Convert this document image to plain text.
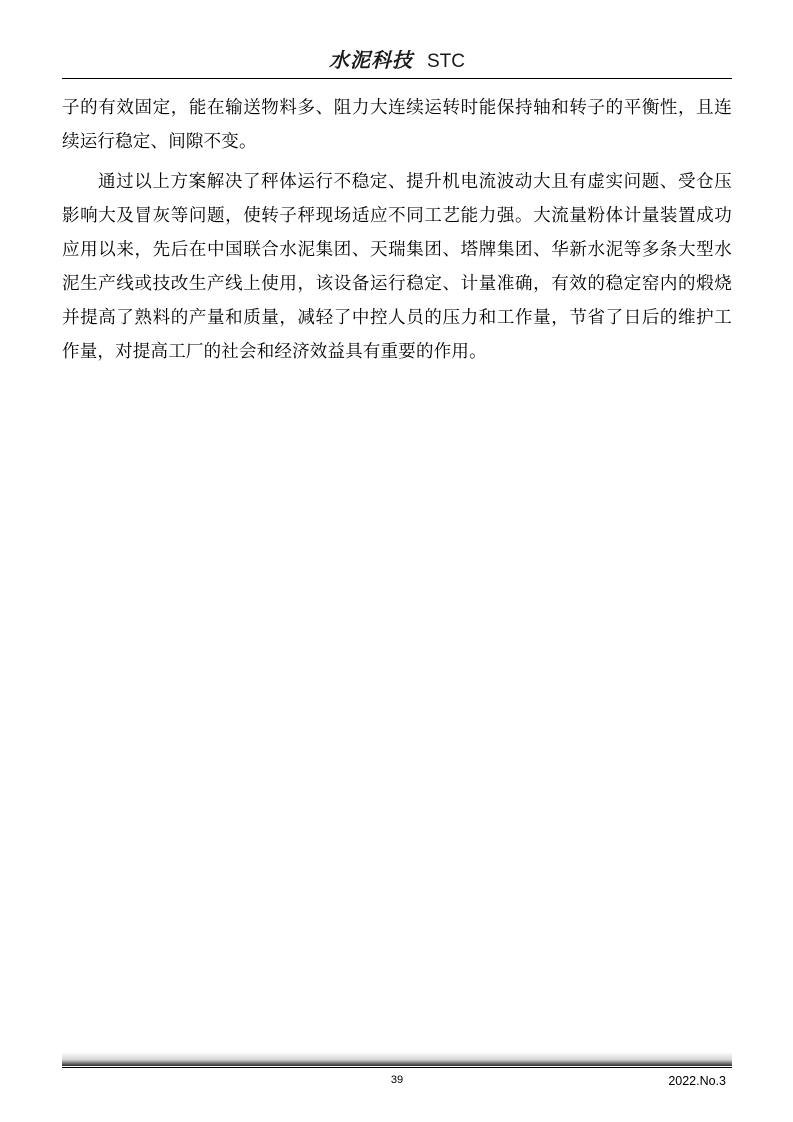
水泥科技 STC

子的有效固定，能在输送物料多、阻力大连续运转时能保持轴和转子的平衡性，且连续运行稳定、间隙不变。

通过以上方案解决了秤体运行不稳定、提升机电流波动大且有虚实问题、受仓压影响大及冒灰等问题，使转子秤现场适应不同工艺能力强。大流量粉体计量装置成功应用以来，先后在中国联合水泥集团、天瑞集团、塔牌集团、华新水泥等多条大型水泥生产线或技改生产线上使用，该设备运行稳定、计量准确，有效的稳定窑内的煅烧并提高了熟料的产量和质量，减轻了中控人员的压力和工作量，节省了日后的维护工作量，对提高工厂的社会和经济效益具有重要的作用。

39	2022.No.3
